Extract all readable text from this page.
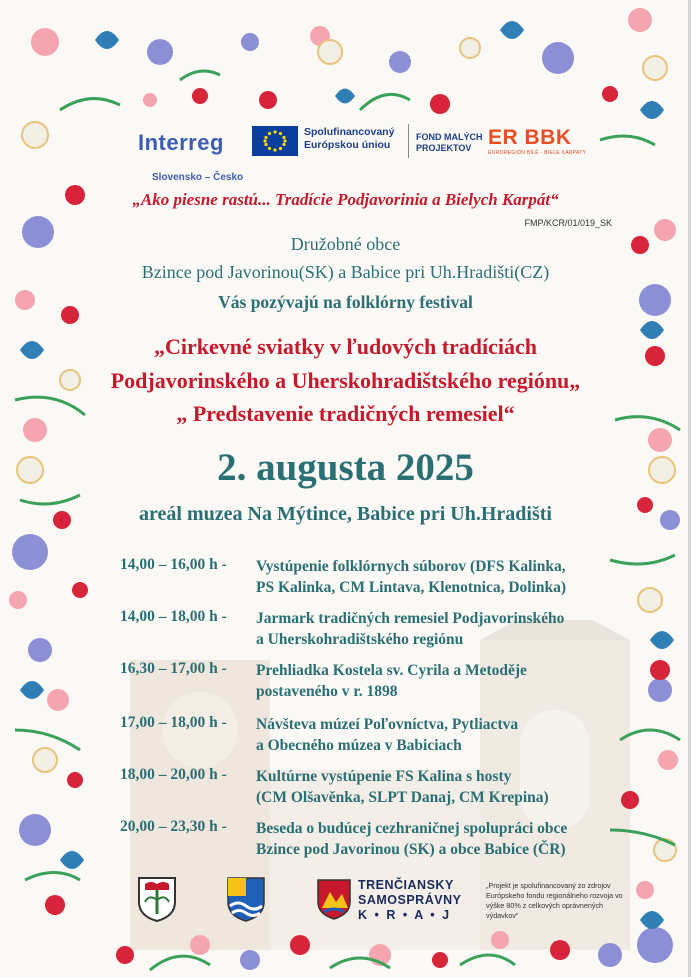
Interreg	Spolufinancovaný
Európskou úniou
FOND MALÝCH
PROJEKTOV ER BBK
EUROREGIÓN BÍLÉ - BIELE KARPATY
Slovensko – Česko
„Ako piesne rastú... Tradície Podjavorinia a Bielych Karpát“
FMP/KCR/01/019_SK
Družobné obce
Bzince pod Javorinou(SK) a Babice pri Uh.Hradišti(CZ)
Vás pozývajú na folklórny festival
„Cirkevné sviatky v ľudových tradíciách
Podjavorinského a Uherskohradištského regiónu„
„ Predstavenie tradičných remesiel“
2. augusta 2025
areál muzea Na Mýtince, Babice pri Uh.Hradišti
14,00 – 16,00 h -	Vystúpenie folklórnych súborov (DFS Kalinka,
PS Kalinka, CM Lintava, Klenotnica, Dolinka)
14,00 – 18,00 h -	Jarmark tradičných remesiel Podjavorinského
a Uherskohradištského regiónu
16,30 – 17,00 h -	Prehliadka Kostela sv. Cyrila a Metoděje
postaveného v r. 1898
17,00 – 18,00 h -	Návšteva múzeí Poľovníctva, Pytliactva
a Obecného múzea v Babiciach
18,00 – 20,00 h -	Kultúrne vystúpenie FS Kalina s hosty
(CM Olšavěnka, SLPT Danaj, CM Krepina)
20,00 – 23,30 h -	Beseda o budúcej cezhraničnej spolupráci obce
Bzince pod Javorinou (SK) a obce Babice (ČR)
TRENČIANSKY
SAMOSPRÁVNY
K • R • A • J
„Projekt je spolufinancovaný zo zdrojov Európskeho fondu regionálneho rozvoja vo výške 80% z celkových oprávnených výdavkov“
